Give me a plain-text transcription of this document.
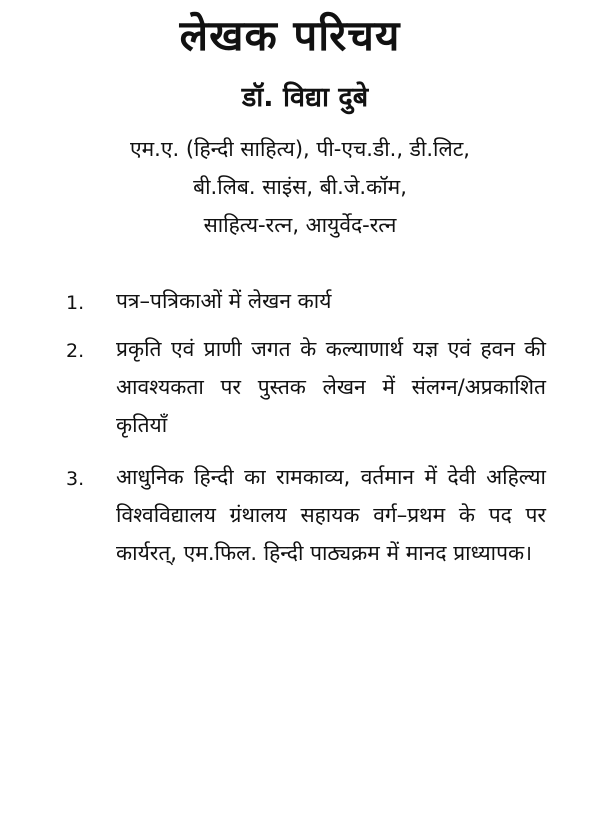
लेखक परिचय
डॉ. विद्या दुबे
एम.ए. (हिन्दी साहित्य), पी-एच.डी., डी.लिट,
बी.लिब. साइंस, बी.जे.कॉम,
साहित्य-रत्न, आयुर्वेद-रत्न
1.	पत्र–पत्रिकाओं में लेखन कार्य
2.	प्रकृति एवं प्राणी जगत के कल्याणार्थ यज्ञ एवं हवन की आवश्यकता पर पुस्तक लेखन में संलग्न/अप्रकाशित कृतियाँ
3.	आधुनिक हिन्दी का रामकाव्य, वर्तमान में देवी अहिल्या विश्वविद्यालय ग्रंथालय सहायक वर्ग–प्रथम के पद पर कार्यरत्, एम.फिल. हिन्दी पाठ्यक्रम में मानद प्राध्यापक।
